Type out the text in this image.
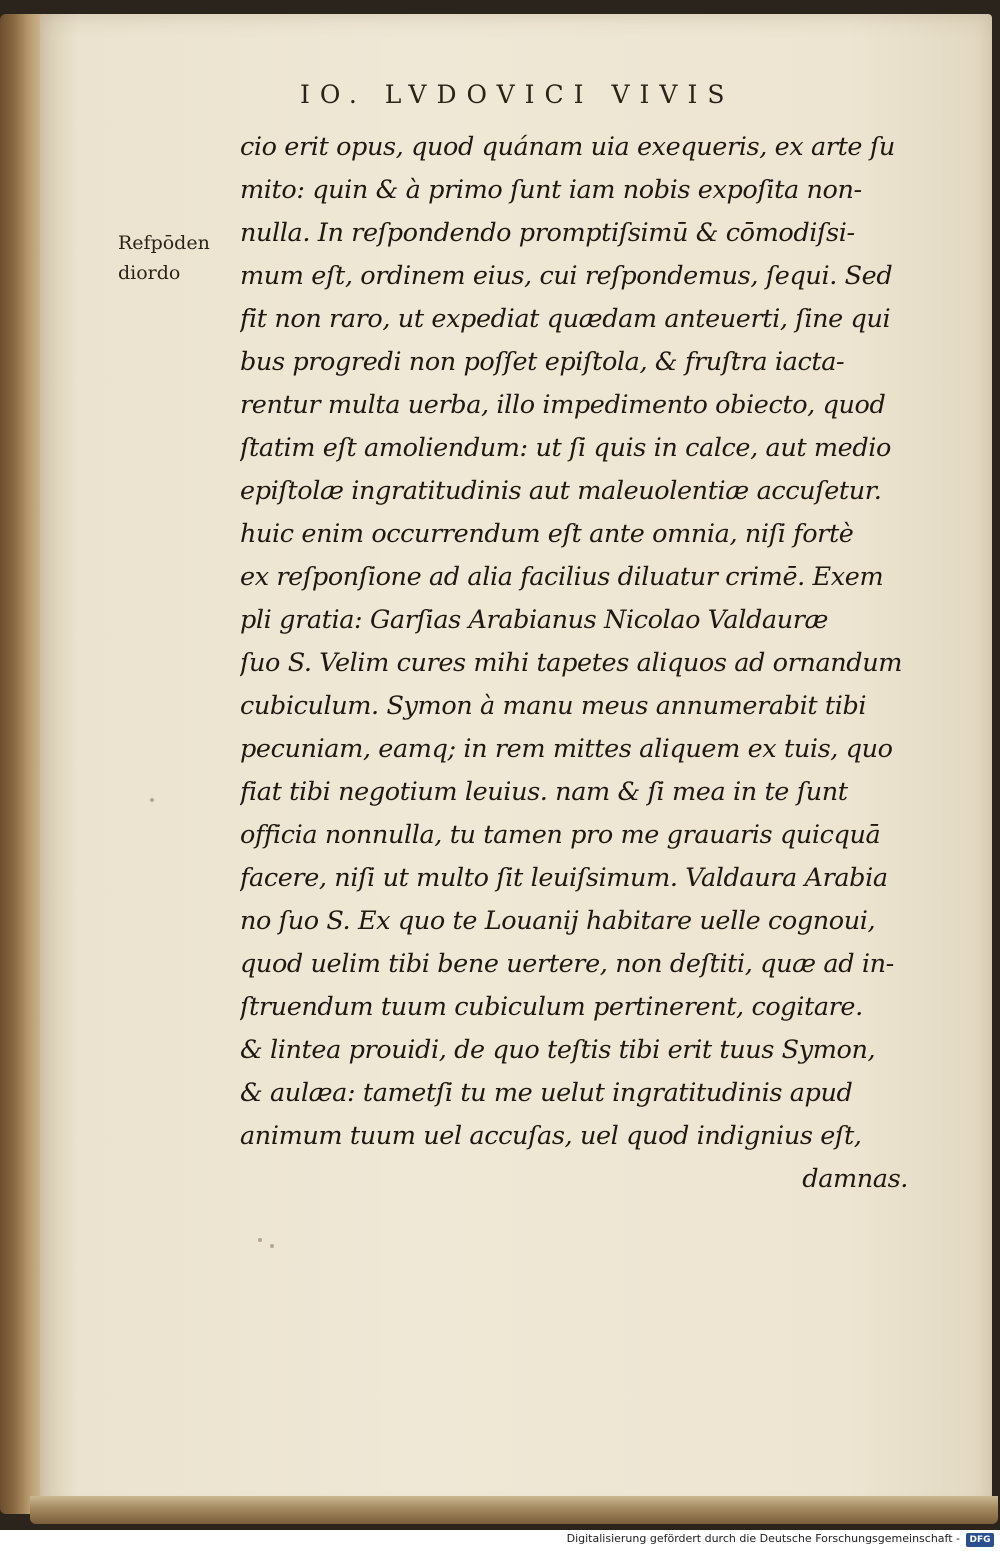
IO. LVDOVICI VIVIS
Refpōden
diordo
cio erit opus, quod quánam uia exequeris, ex arte ſu
mito: quin & à primo ſunt iam nobis expoſita non-
nulla. In reſpondendo promptiſsimū & cōmodiſsi-
mum eſt, ordinem eius, cui reſpondemus, ſequi. Sed
fit non raro, ut expediat quædam anteuerti, ſine qui
bus progredi non poſſet epiſtola, & fruſtra iacta-
rentur multa uerba, illo impedimento obiecto, quod
ſtatim eſt amoliendum: ut ſi quis in calce, aut medio
epiſtolæ ingratitudinis aut maleuolentiæ accuſetur.
huic enim occurrendum eſt ante omnia, niſi fortè
ex reſponſione ad alia facilius diluatur crimē. Exem
pli gratia: Garſias Arabianus Nicolao Valdauræ
ſuo S. Velim cures mihi tapetes aliquos ad ornandum
cubiculum. Symon à manu meus annumerabit tibi
pecuniam, eamq; in rem mittes aliquem ex tuis, quo
fiat tibi negotium leuius. nam & ſi mea in te ſunt
officia nonnulla, tu tamen pro me grauaris quicquā
facere, niſi ut multo ſit leuiſsimum. Valdaura Arabia
no ſuo S. Ex quo te Louanij habitare uelle cognoui,
quod uelim tibi bene uertere, non deſtiti, quæ ad in-
ſtruendum tuum cubiculum pertinerent, cogitare.
& lintea prouidi, de quo teſtis tibi erit tuus Symon,
& aulæa: tametſi tu me uelut ingratitudinis apud
animum tuum uel accuſas, uel quod indignius eſt,
damnas.
Digitalisierung gefördert durch die Deutsche Forschungsgemeinschaft -	DFG
